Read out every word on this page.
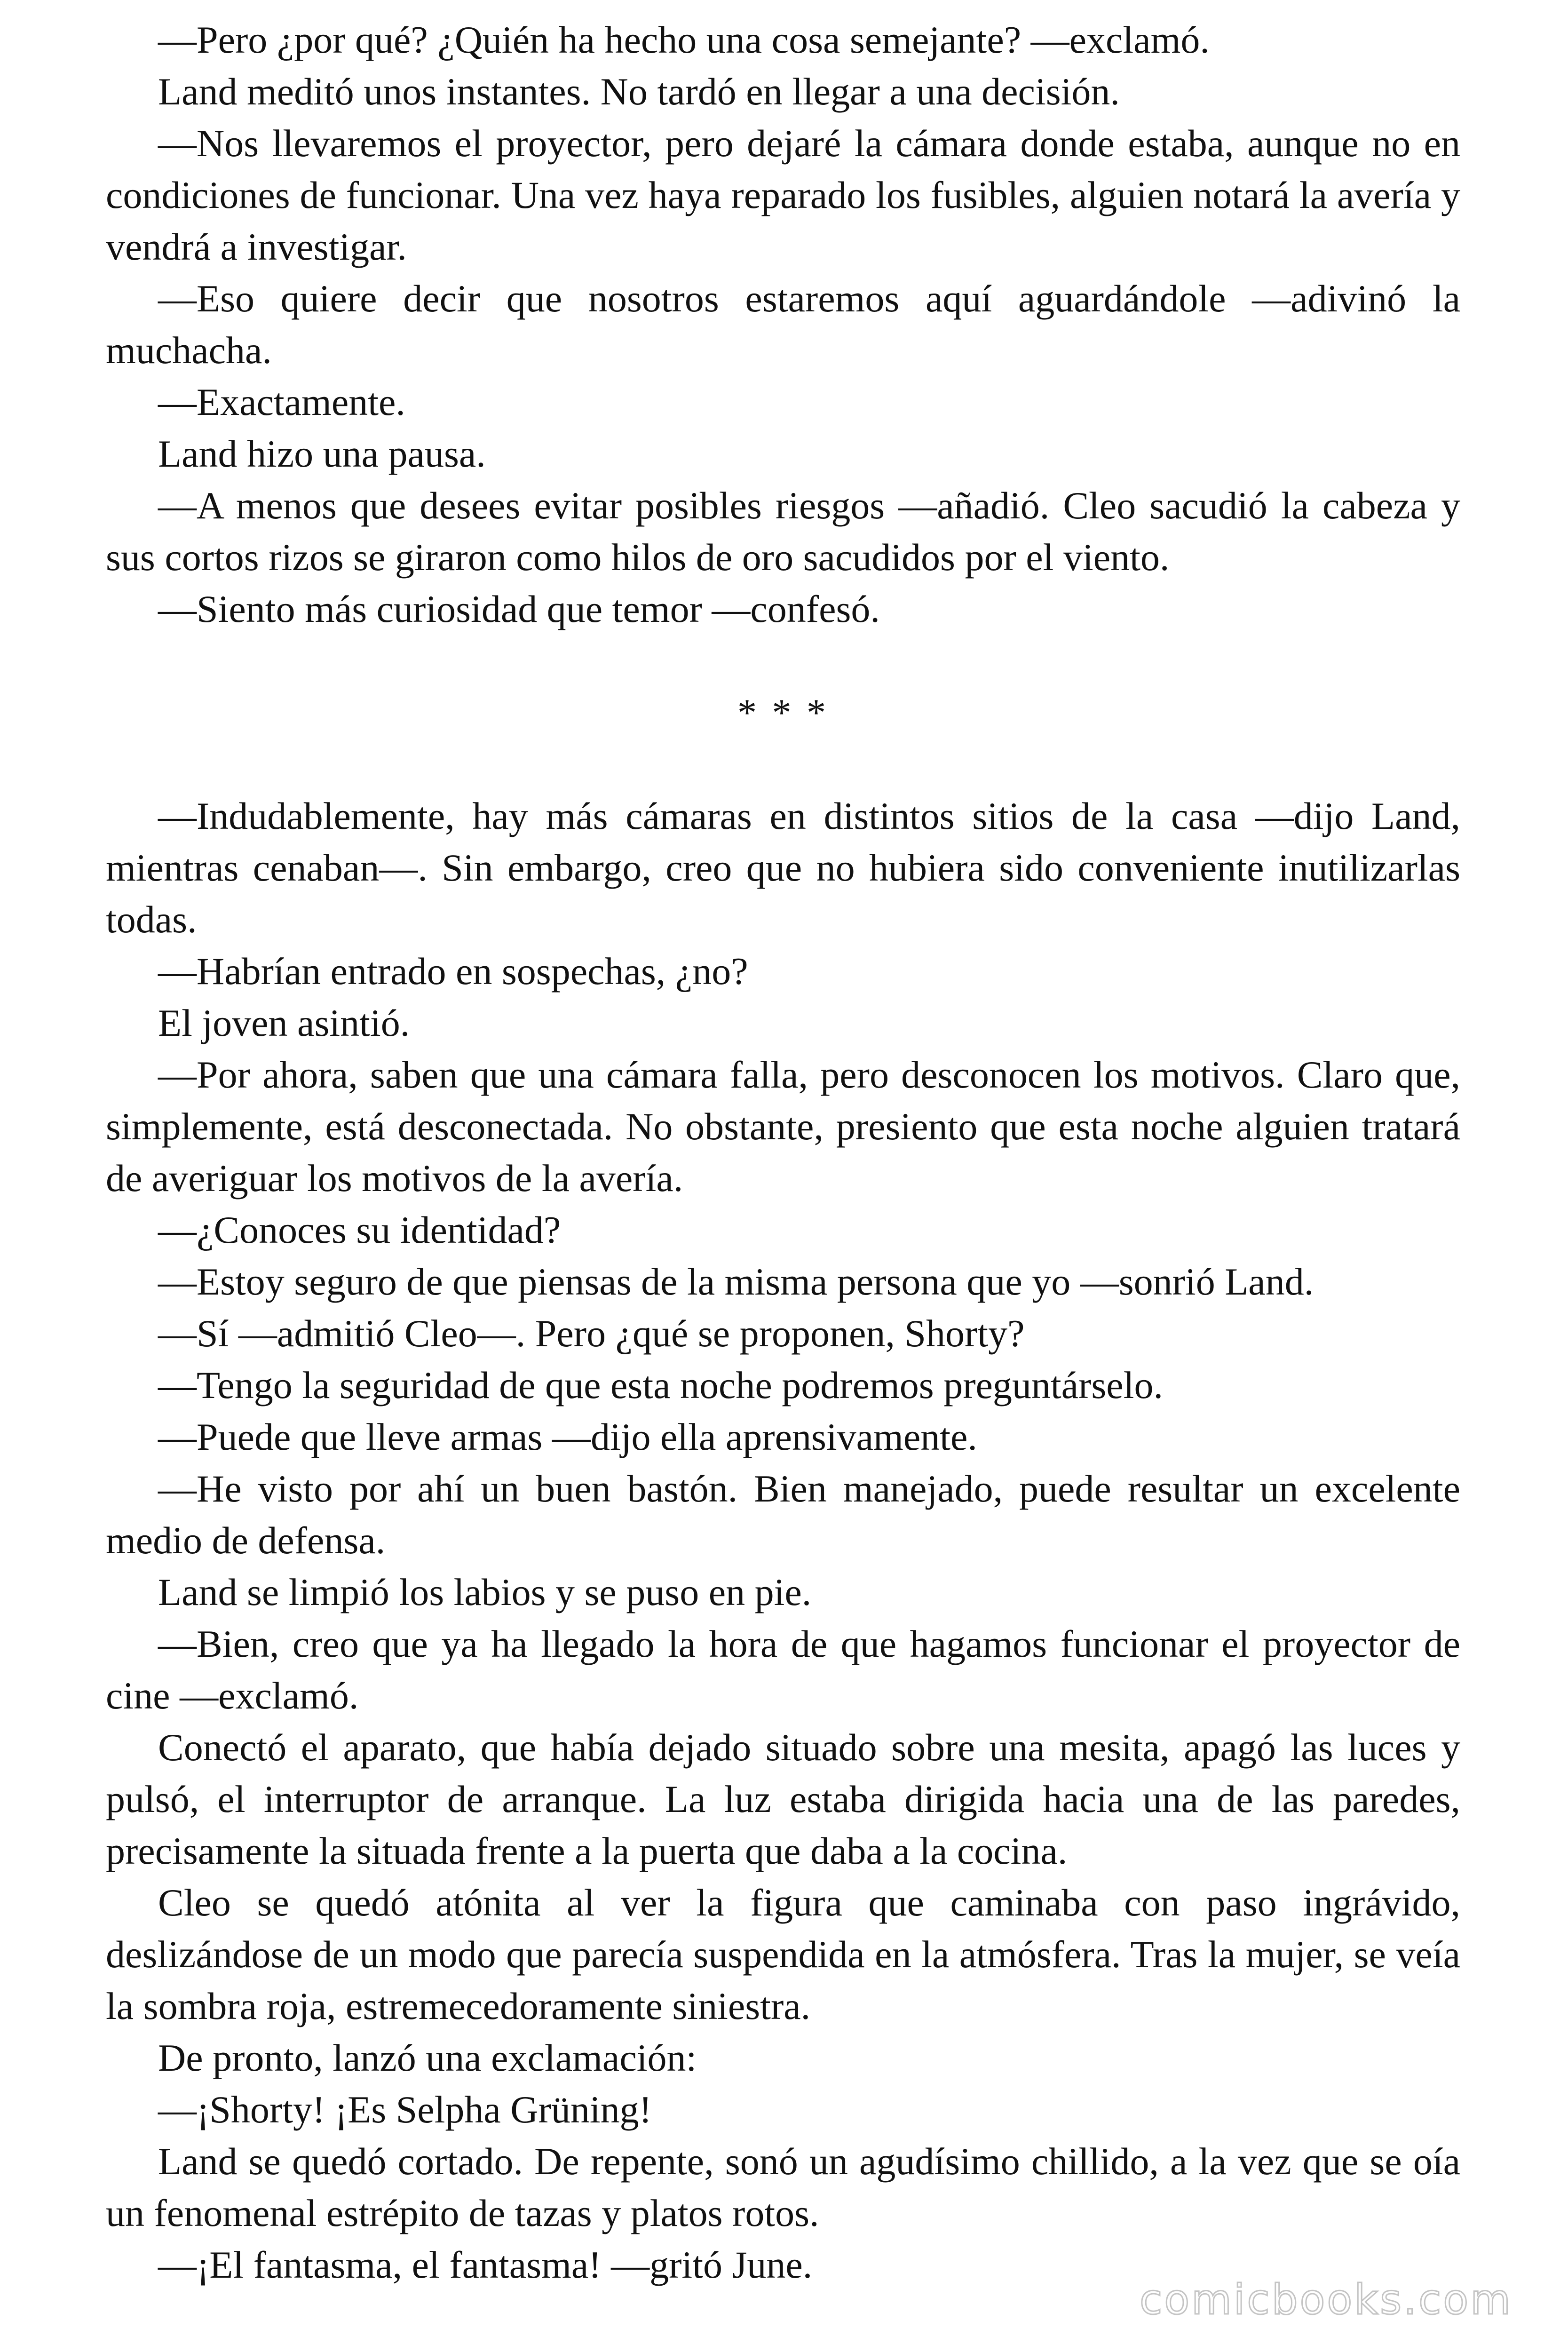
—Pero ¿por qué? ¿Quién ha hecho una cosa semejante? —exclamó.

Land meditó unos instantes. No tardó en llegar a una decisión.

—Nos llevaremos el proyector, pero dejaré la cámara donde estaba, aunque no en condiciones de funcionar. Una vez haya reparado los fusibles, alguien notará la avería y vendrá a investigar.

—Eso quiere decir que nosotros estaremos aquí aguardándole —adivinó la muchacha.

—Exactamente.

Land hizo una pausa.

—A menos que desees evitar posibles riesgos —añadió. Cleo sacudió la cabeza y sus cortos rizos se giraron como hilos de oro sacudidos por el viento.

—Siento más curiosidad que temor —confesó.

* * *

—Indudablemente, hay más cámaras en distintos sitios de la casa —dijo Land, mientras cenaban—. Sin embargo, creo que no hubiera sido conveniente inutilizarlas todas.

—Habrían entrado en sospechas, ¿no?

El joven asintió.

—Por ahora, saben que una cámara falla, pero desconocen los motivos. Claro que, simplemente, está desconectada. No obstante, presiento que esta noche alguien tratará de averiguar los motivos de la avería.

—¿Conoces su identidad?

—Estoy seguro de que piensas de la misma persona que yo —sonrió Land.

—Sí —admitió Cleo—. Pero ¿qué se proponen, Shorty?

—Tengo la seguridad de que esta noche podremos preguntárselo.

—Puede que lleve armas —dijo ella aprensivamente.

—He visto por ahí un buen bastón. Bien manejado, puede resultar un excelente medio de defensa.

Land se limpió los labios y se puso en pie.

—Bien, creo que ya ha llegado la hora de que hagamos funcionar el proyector de cine —exclamó.

Conectó el aparato, que había dejado situado sobre una mesita, apagó las luces y pulsó, el interruptor de arranque. La luz estaba dirigida hacia una de las paredes, precisamente la situada frente a la puerta que daba a la cocina.

Cleo se quedó atónita al ver la figura que caminaba con paso ingrávido, deslizándose de un modo que parecía suspendida en la atmósfera. Tras la mujer, se veía la sombra roja, estremecedoramente siniestra.

De pronto, lanzó una exclamación:

—¡Shorty! ¡Es Selpha Grüning!

Land se quedó cortado. De repente, sonó un agudísimo chillido, a la vez que se oía un fenomenal estrépito de tazas y platos rotos.

—¡El fantasma, el fantasma! —gritó June.

comicbooks.com
